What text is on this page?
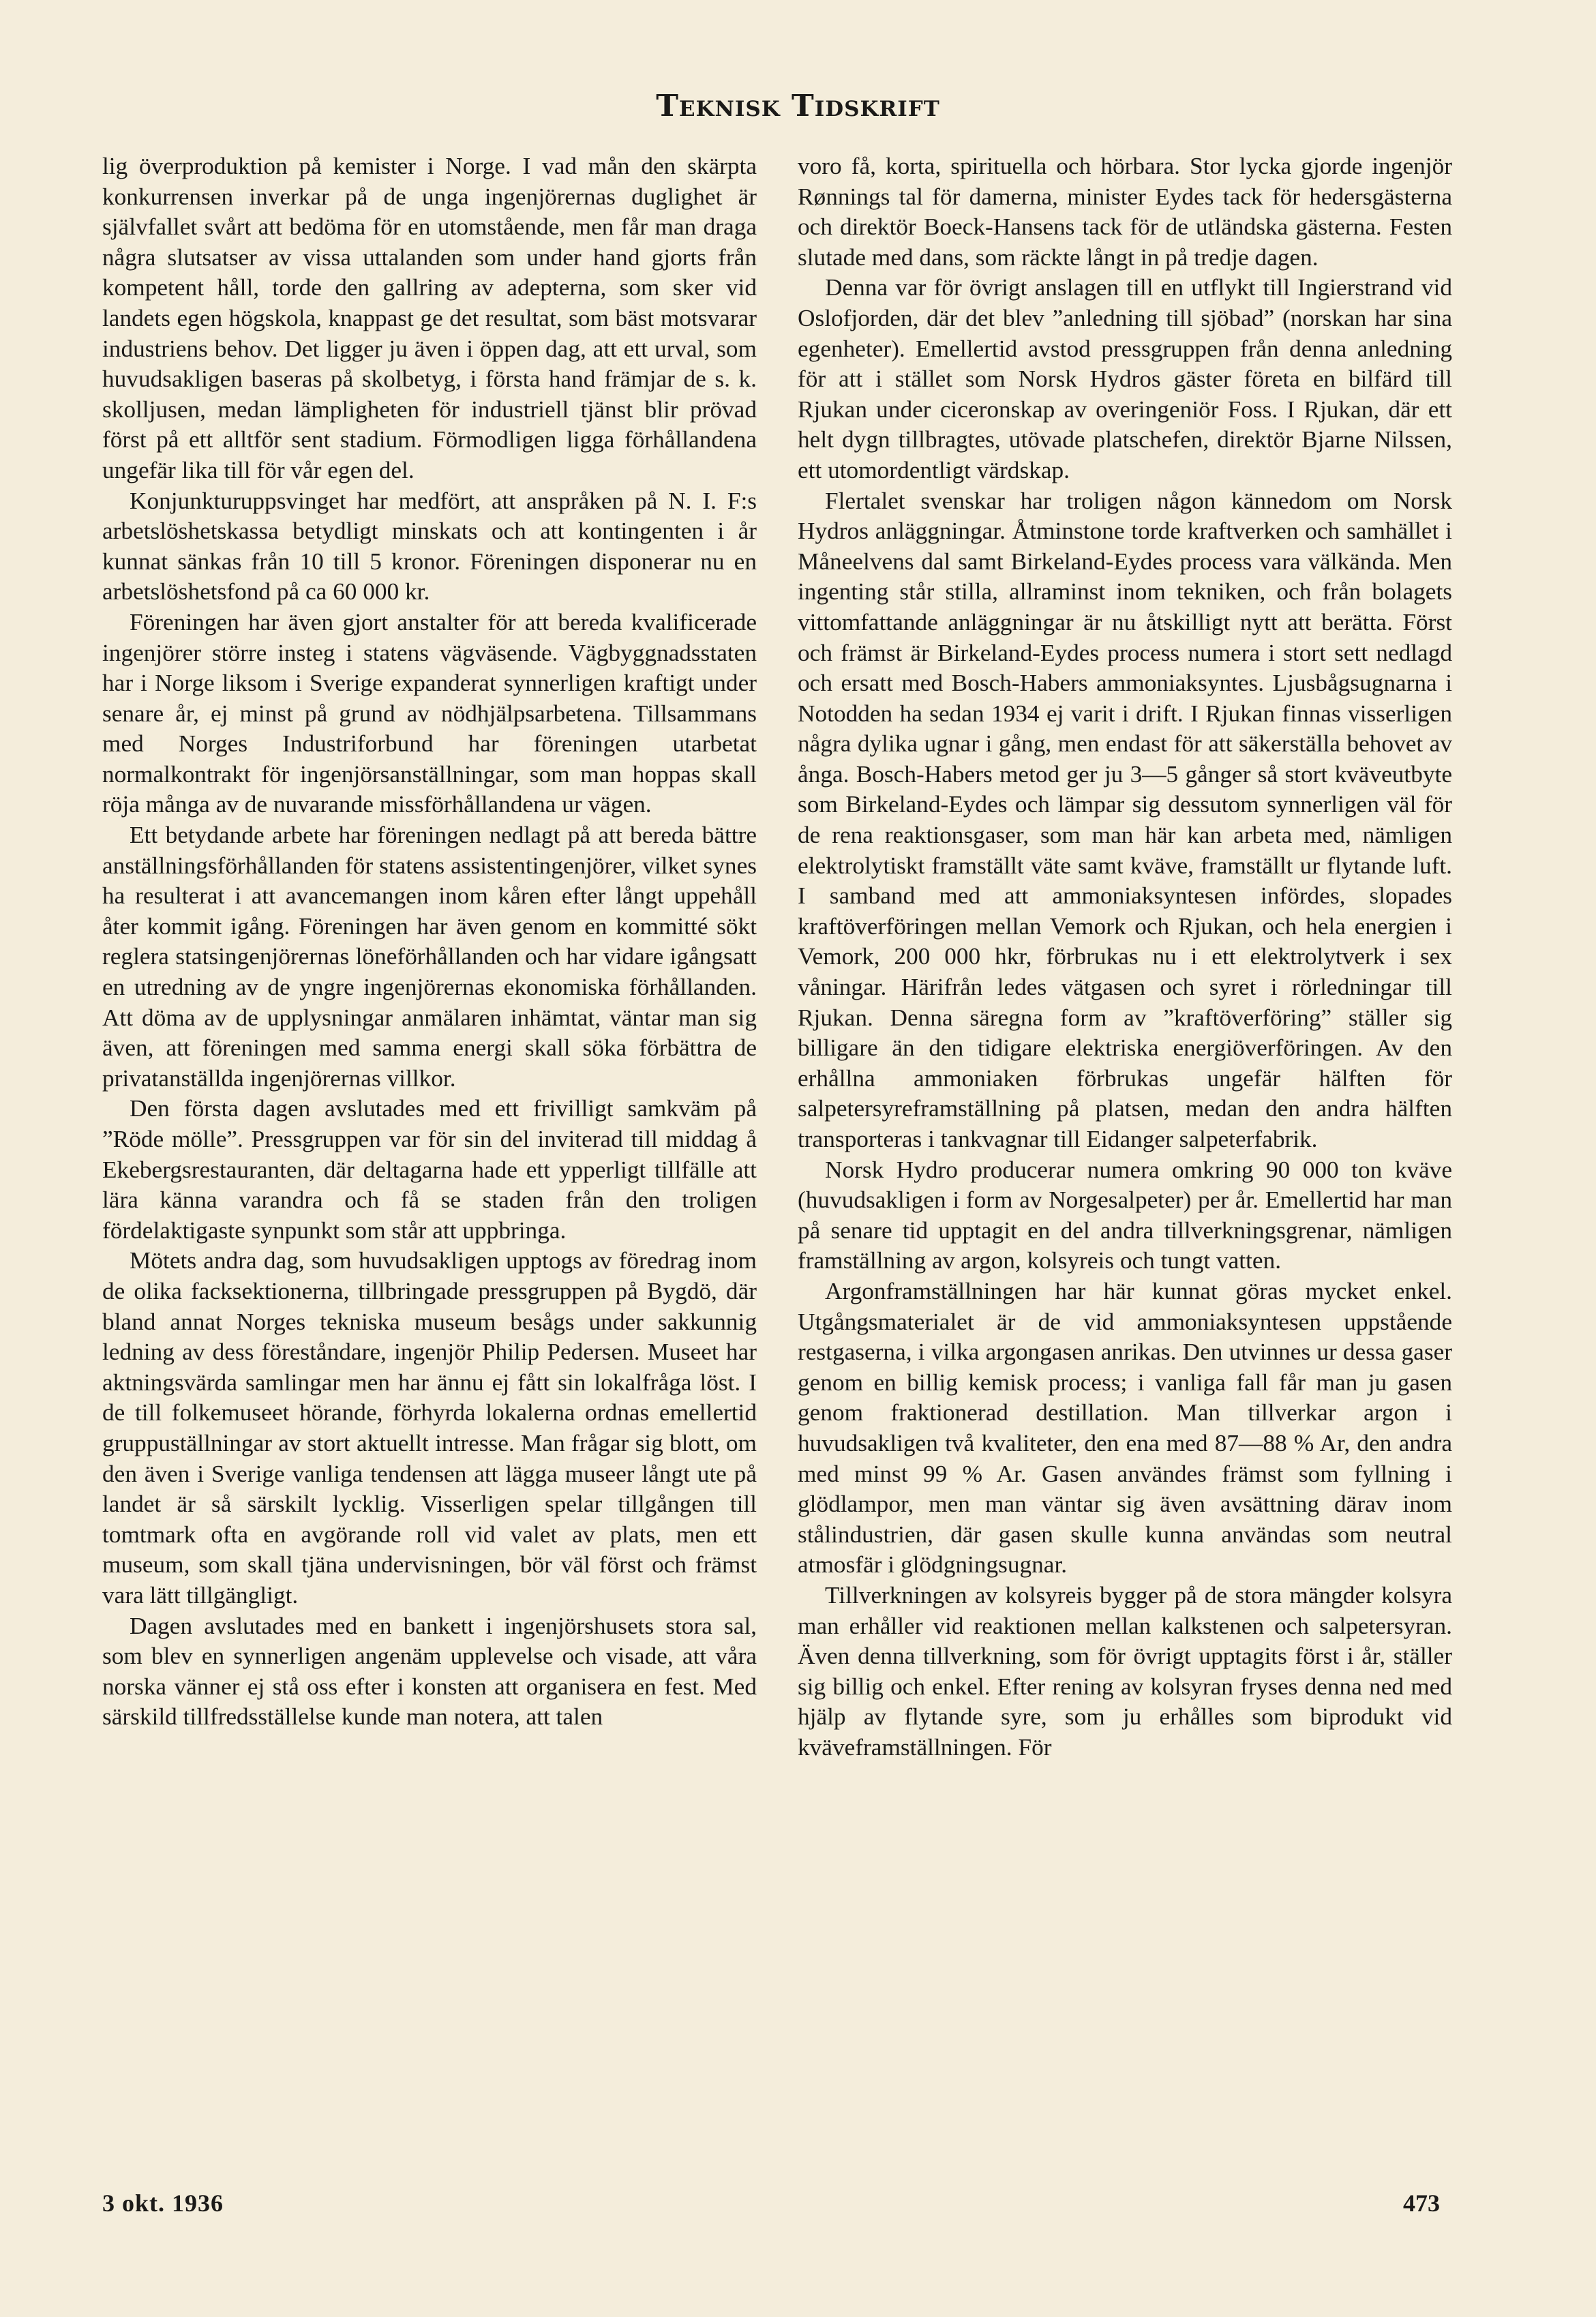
Teknisk Tidskrift

lig överproduktion på kemister i Norge. I vad mån den skärpta konkurrensen inverkar på de unga ingenjörernas duglighet är självfallet svårt att bedöma för en utomstående, men får man draga några slutsatser av vissa uttalanden som under hand gjorts från kompetent håll, torde den gallring av adepterna, som sker vid landets egen högskola, knappast ge det resultat, som bäst motsvarar industriens behov. Det ligger ju även i öppen dag, att ett urval, som huvudsakligen baseras på skolbetyg, i första hand främjar de s. k. skolljusen, medan lämpligheten för industriell tjänst blir prövad först på ett alltför sent stadium. Förmodligen ligga förhållandena ungefär lika till för vår egen del.

Konjunkturuppsvinget har medfört, att anspråken på N. I. F:s arbetslöshetskassa betydligt minskats och att kontingenten i år kunnat sänkas från 10 till 5 kronor. Föreningen disponerar nu en arbetslöshetsfond på ca 60 000 kr.

Föreningen har även gjort anstalter för att bereda kvalificerade ingenjörer större insteg i statens vägväsende. Vägbyggnadsstaten har i Norge liksom i Sverige expanderat synnerligen kraftigt under senare år, ej minst på grund av nödhjälpsarbetena. Tillsammans med Norges Industriforbund har föreningen utarbetat normalkontrakt för ingenjörsanställningar, som man hoppas skall röja många av de nuvarande missförhållandena ur vägen.

Ett betydande arbete har föreningen nedlagt på att bereda bättre anställningsförhållanden för statens assistentingenjörer, vilket synes ha resulterat i att avancemangen inom kåren efter långt uppehåll åter kommit igång. Föreningen har även genom en kommitté sökt reglera statsingenjörernas löneförhållanden och har vidare igångsatt en utredning av de yngre ingenjörernas ekonomiska förhållanden. Att döma av de upplysningar anmälaren inhämtat, väntar man sig även, att föreningen med samma energi skall söka förbättra de privatanställda ingenjörernas villkor.

Den första dagen avslutades med ett frivilligt samkväm på ”Röde mölle”. Pressgruppen var för sin del inviterad till middag å Ekebergsrestauranten, där deltagarna hade ett ypperligt tillfälle att lära känna varandra och få se staden från den troligen fördelaktigaste synpunkt som står att uppbringa.

Mötets andra dag, som huvudsakligen upptogs av föredrag inom de olika facksektionerna, tillbringade pressgruppen på Bygdö, där bland annat Norges tekniska museum besågs under sakkunnig ledning av dess föreståndare, ingenjör Philip Pedersen. Museet har aktningsvärda samlingar men har ännu ej fått sin lokalfråga löst. I de till folkemuseet hörande, förhyrda lokalerna ordnas emellertid gruppuställningar av stort aktuellt intresse. Man frågar sig blott, om den även i Sverige vanliga tendensen att lägga museer långt ute på landet är så särskilt lycklig. Visserligen spelar tillgången till tomtmark ofta en avgörande roll vid valet av plats, men ett museum, som skall tjäna undervisningen, bör väl först och främst vara lätt tillgängligt.

Dagen avslutades med en bankett i ingenjörshusets stora sal, som blev en synnerligen angenäm upplevelse och visade, att våra norska vänner ej stå oss efter i konsten att organisera en fest. Med särskild tillfredsställelse kunde man notera, att talen

voro få, korta, spirituella och hörbara. Stor lycka gjorde ingenjör Rønnings tal för damerna, minister Eydes tack för hedersgästerna och direktör Boeck-Hansens tack för de utländska gästerna. Festen slutade med dans, som räckte långt in på tredje dagen.

Denna var för övrigt anslagen till en utflykt till Ingierstrand vid Oslofjorden, där det blev ”anledning till sjöbad” (norskan har sina egenheter). Emellertid avstod pressgruppen från denna anledning för att i stället som Norsk Hydros gäster företa en bilfärd till Rjukan under ciceronskap av overingeniör Foss. I Rjukan, där ett helt dygn tillbragtes, utövade platschefen, direktör Bjarne Nilssen, ett utomordentligt värdskap.

Flertalet svenskar har troligen någon kännedom om Norsk Hydros anläggningar. Åtminstone torde kraftverken och samhället i Måneelvens dal samt Birkeland-Eydes process vara välkända. Men ingenting står stilla, allraminst inom tekniken, och från bolagets vittomfattande anläggningar är nu åtskilligt nytt att berätta. Först och främst är Birkeland-Eydes process numera i stort sett nedlagd och ersatt med Bosch-Habers ammoniaksyntes. Ljusbågsugnarna i Notodden ha sedan 1934 ej varit i drift. I Rjukan finnas visserligen några dylika ugnar i gång, men endast för att säkerställa behovet av ånga. Bosch-Habers metod ger ju 3—5 gånger så stort kväveutbyte som Birkeland-Eydes och lämpar sig dessutom synnerligen väl för de rena reaktionsgaser, som man här kan arbeta med, nämligen elektrolytiskt framställt väte samt kväve, framställt ur flytande luft. I samband med att ammoniaksyntesen infördes, slopades kraftöverföringen mellan Vemork och Rjukan, och hela energien i Vemork, 200 000 hkr, förbrukas nu i ett elektrolytverk i sex våningar. Härifrån ledes vätgasen och syret i rörledningar till Rjukan. Denna säregna form av ”kraftöverföring” ställer sig billigare än den tidigare elektriska energiöverföringen. Av den erhållna ammoniaken förbrukas ungefär hälften för salpetersyreframställning på platsen, medan den andra hälften transporteras i tankvagnar till Eidanger salpeterfabrik.

Norsk Hydro producerar numera omkring 90 000 ton kväve (huvudsakligen i form av Norgesalpeter) per år. Emellertid har man på senare tid upptagit en del andra tillverkningsgrenar, nämligen framställning av argon, kolsyreis och tungt vatten.

Argonframställningen har här kunnat göras mycket enkel. Utgångsmaterialet är de vid ammoniaksyntesen uppstående restgaserna, i vilka argongasen anrikas. Den utvinnes ur dessa gaser genom en billig kemisk process; i vanliga fall får man ju gasen genom fraktionerad destillation. Man tillverkar argon i huvudsakligen två kvaliteter, den ena med 87—88 % Ar, den andra med minst 99 % Ar. Gasen användes främst som fyllning i glödlampor, men man väntar sig även avsättning därav inom stålindustrien, där gasen skulle kunna användas som neutral atmosfär i glödgningsugnar.

Tillverkningen av kolsyreis bygger på de stora mängder kolsyra man erhåller vid reaktionen mellan kalkstenen och salpetersyran. Även denna tillverkning, som för övrigt upptagits först i år, ställer sig billig och enkel. Efter rening av kolsyran fryses denna ned med hjälp av flytande syre, som ju erhålles som biprodukt vid kväveframställningen. För

3 okt. 1936	473
